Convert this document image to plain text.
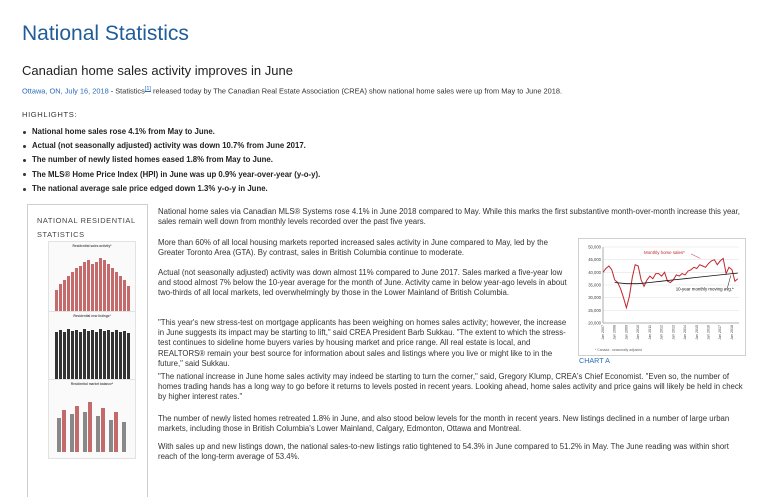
National Statistics
Canadian home sales activity improves in June
Ottawa, ON, July 16, 2018 - Statistics[1] released today by The Canadian Real Estate Association (CREA) show national home sales were up from May to June 2018.
HIGHLIGHTS:
National home sales rose 4.1% from May to June.
Actual (not seasonally adjusted) activity was down 10.7% from June 2017.
The number of newly listed homes eased 1.8% from May to June.
The MLS® Home Price Index (HPI) in June was up 0.9% year-over-year (y-o-y).
The national average sale price edged down 1.3% y-o-y in June.
NATIONAL RESIDENTIAL STATISTICS
Residential sales activity*
Residential new listings*
Residential market balance*

National home sales via Canadian MLS® Systems rose 4.1% in June 2018 compared to May. While this marks the first substantive month-over-month increase this year, sales remain well down from monthly levels recorded over the past five years.

More than 60% of all local housing markets reported increased sales activity in June compared to May, led by the Greater Toronto Area (GTA). By contrast, sales in British Columbia continue to moderate.

Actual (not seasonally adjusted) activity was down almost 11% compared to June 2017. Sales marked a five-year low and stood almost 7% below the 10-year average for the month of June. Activity came in below year-ago levels in about two-thirds of all local markets, led overwhelmingly by those in the Lower Mainland of British Columbia.

"This year's new stress-test on mortgage applicants has been weighing on homes sales activity; however, the increase in June suggests its impact may be starting to lift," said CREA President Barb Sukkau. "The extent to which the stress-test continues to sideline home buyers varies by housing market and price range. All real estate is local, and REALTORS® remain your best source for information about sales and listings where you live or might like to in the future," said Sukkau.

"The national increase in June home sales activity may indeed be starting to turn the corner," said, Gregory Klump, CREA's Chief Economist. "Even so, the number of homes trading hands has a long way to go before it returns to levels posted in recent years. Looking ahead, home sales activity and price gains will likely be held in check by higher interest rates."

The number of newly listed homes retreated 1.8% in June, and also stood below levels for the month in recent years. New listings declined in a number of large urban markets, including those in British Columbia's Lower Mainland, Calgary, Edmonton, Ottawa and Montreal.

With sales up and new listings down, the national sales-to-new listings ratio tightened to 54.3% in June compared to 51.2% in May. The June reading was within short reach of the long-term average of 53.4%.

50,000
45,000
40,000
35,000
30,000
25,000
20,000
Jan 2007 Jan 2008 Jan 2009 Jan 2010 Jan 2011 Jan 2012 Jan 2013 Jan 2014 Jan 2015 Jan 2016 Jan 2017 Jan 2018
Monthly home sales*
10-year monthly moving avg.*
* Canada - seasonally adjusted
CHART A
